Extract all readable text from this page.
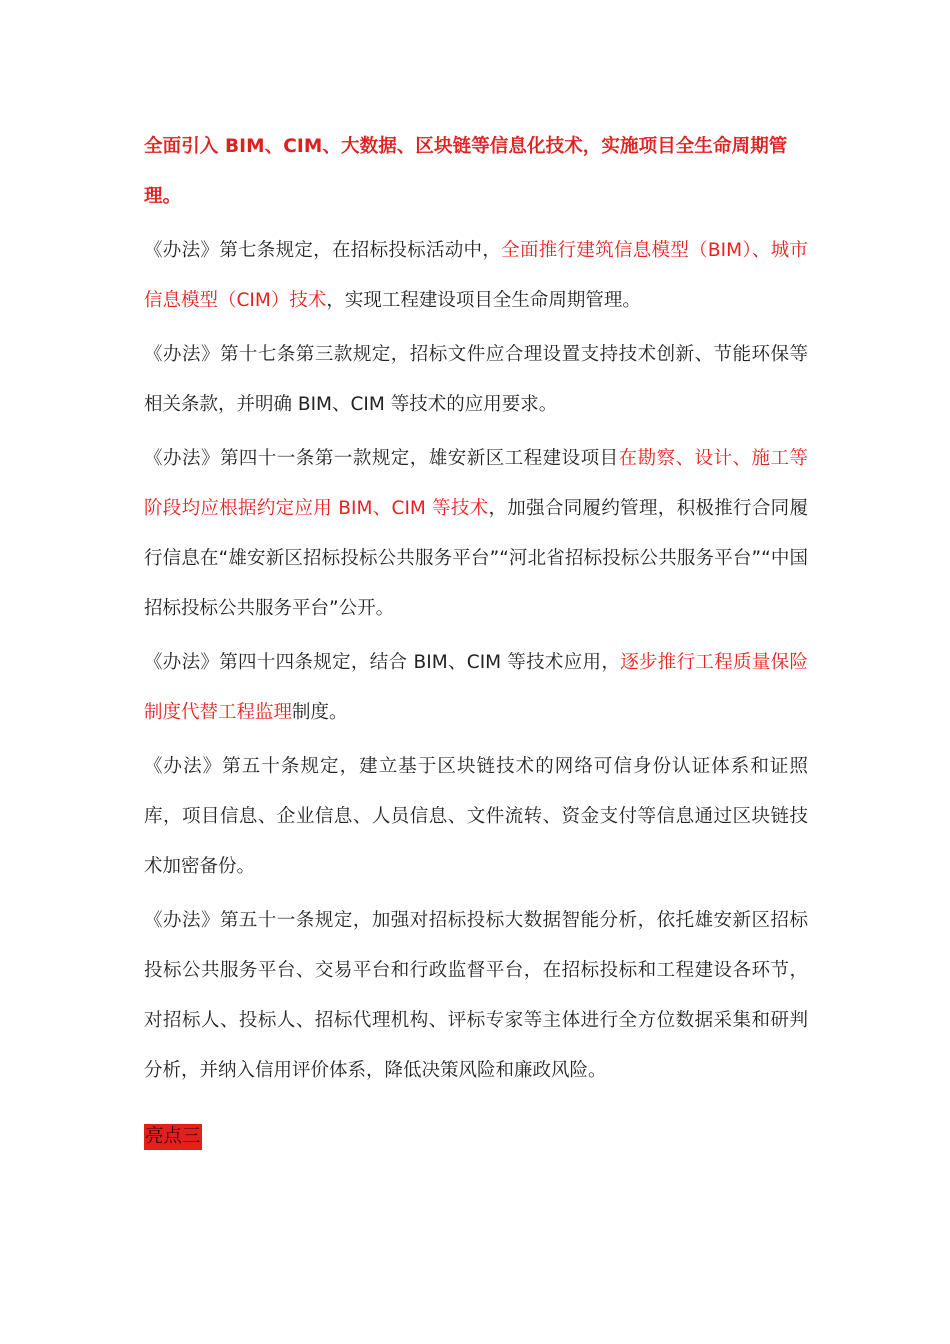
全面引入 BIM、CIM、大数据、区块链等信息化技术，实施项目全生命周期管理。

《办法》第七条规定，在招标投标活动中，全面推行建筑信息模型（BIM）、城市信息模型（CIM）技术，实现工程建设项目全生命周期管理。

《办法》第十七条第三款规定，招标文件应合理设置支持技术创新、节能环保等相关条款，并明确 BIM、CIM 等技术的应用要求。

《办法》第四十一条第一款规定，雄安新区工程建设项目在勘察、设计、施工等阶段均应根据约定应用 BIM、CIM 等技术，加强合同履约管理，积极推行合同履行信息在“雄安新区招标投标公共服务平台”“河北省招标投标公共服务平台”“中国招标投标公共服务平台”公开。

《办法》第四十四条规定，结合 BIM、CIM 等技术应用，逐步推行工程质量保险制度代替工程监理制度。

《办法》第五十条规定，建立基于区块链技术的网络可信身份认证体系和证照库，项目信息、企业信息、人员信息、文件流转、资金支付等信息通过区块链技术加密备份。

《办法》第五十一条规定，加强对招标投标大数据智能分析，依托雄安新区招标投标公共服务平台、交易平台和行政监督平台，在招标投标和工程建设各环节，对招标人、投标人、招标代理机构、评标专家等主体进行全方位数据采集和研判分析，并纳入信用评价体系，降低决策风险和廉政风险。

亮点三
